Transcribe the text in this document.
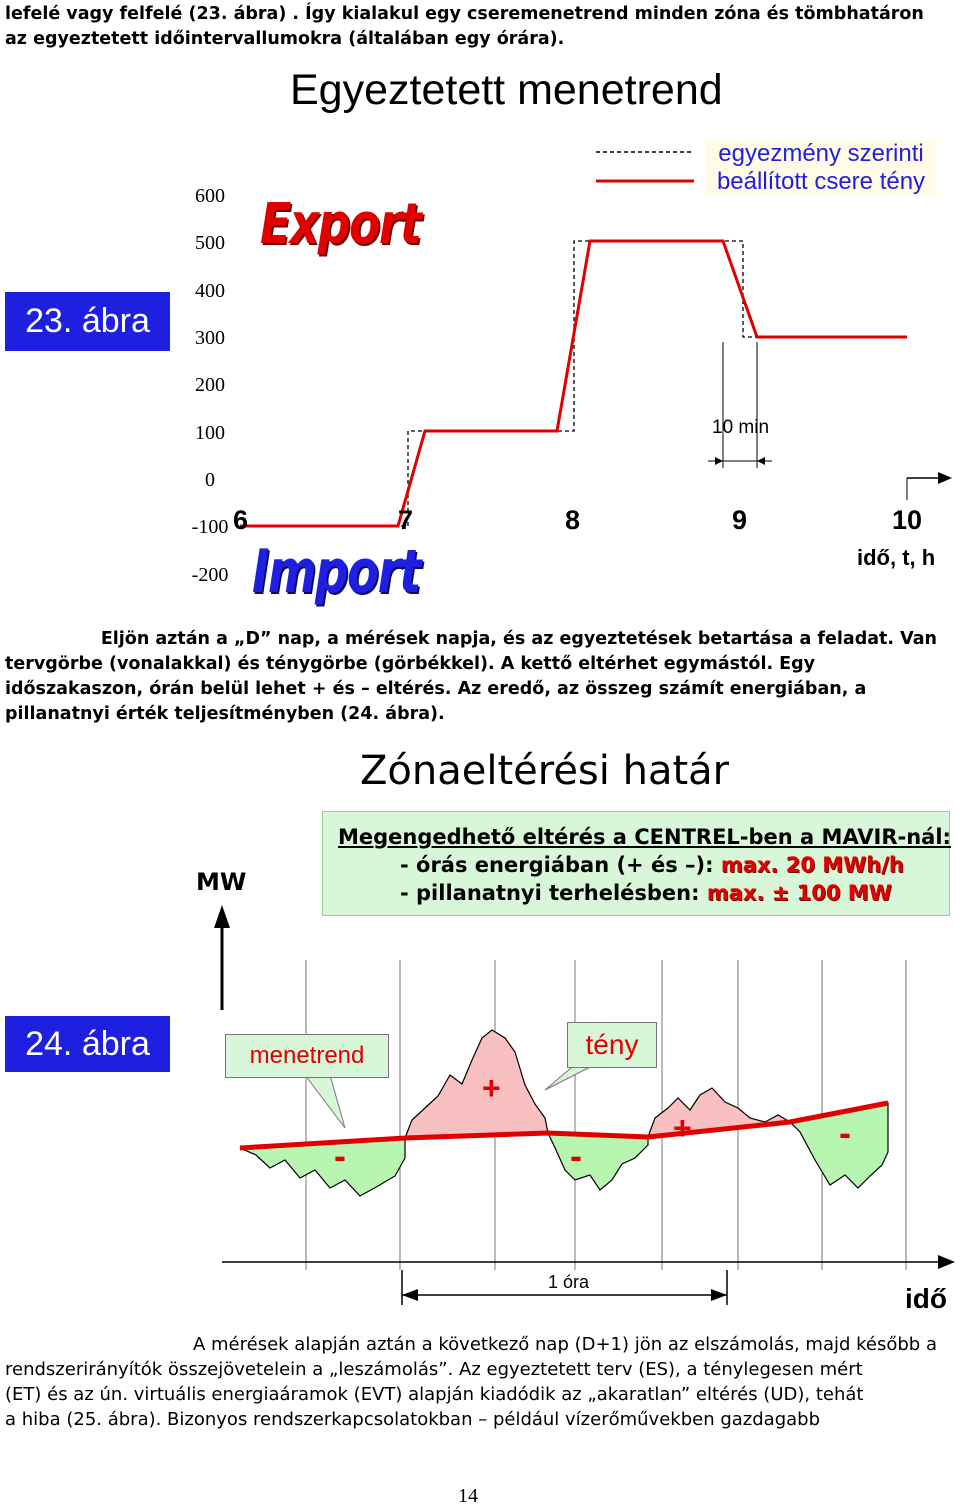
lefelé vagy felfelé (23. ábra) . Így kialakul egy cseremenetrend minden zóna és tömbhatáron
az egyeztetett időintervallumokra (általában egy órára).
23. ábra
Egyeztetett menetrend
egyezmény szerinti
beállított csere tény
Export
Import
600
500
400
300
200
100
0
-100
-200
6	7	8	9	10
idő, t, h
10 min
Eljön aztán a „D” nap, a mérések napja, és az egyeztetések betartása a feladat. Van
tervgörbe (vonalakkal) és ténygörbe (görbékkel). A kettő eltérhet egymástól. Egy
időszakaszon, órán belül lehet + és – eltérés. Az eredő, az összeg számít energiában, a
pillanatnyi érték teljesítményben (24. ábra).
Zónaeltérési határ
Megengedhető eltérés a CENTREL-ben a MAVIR-nál:
- órás energiában (+ és –): max. 20 MWh/h
- pillanatnyi terhelésben: max. ± 100 MW
MW
24. ábra	menetrend	tény
+
+
-	-
-
1 óra
idő
A mérések alapján aztán a következő nap (D+1) jön az elszámolás, majd később a
rendszerirányítók összejövetelein a „leszámolás”. Az egyeztetett terv (ES), a ténylegesen mért
(ET) és az ún. virtuális energiaáramok (EVT) alapján kiadódik az „akaratlan” eltérés (UD), tehát
a hiba (25. ábra). Bizonyos rendszerkapcsolatokban – például vízerőművekben gazdagabb
14
